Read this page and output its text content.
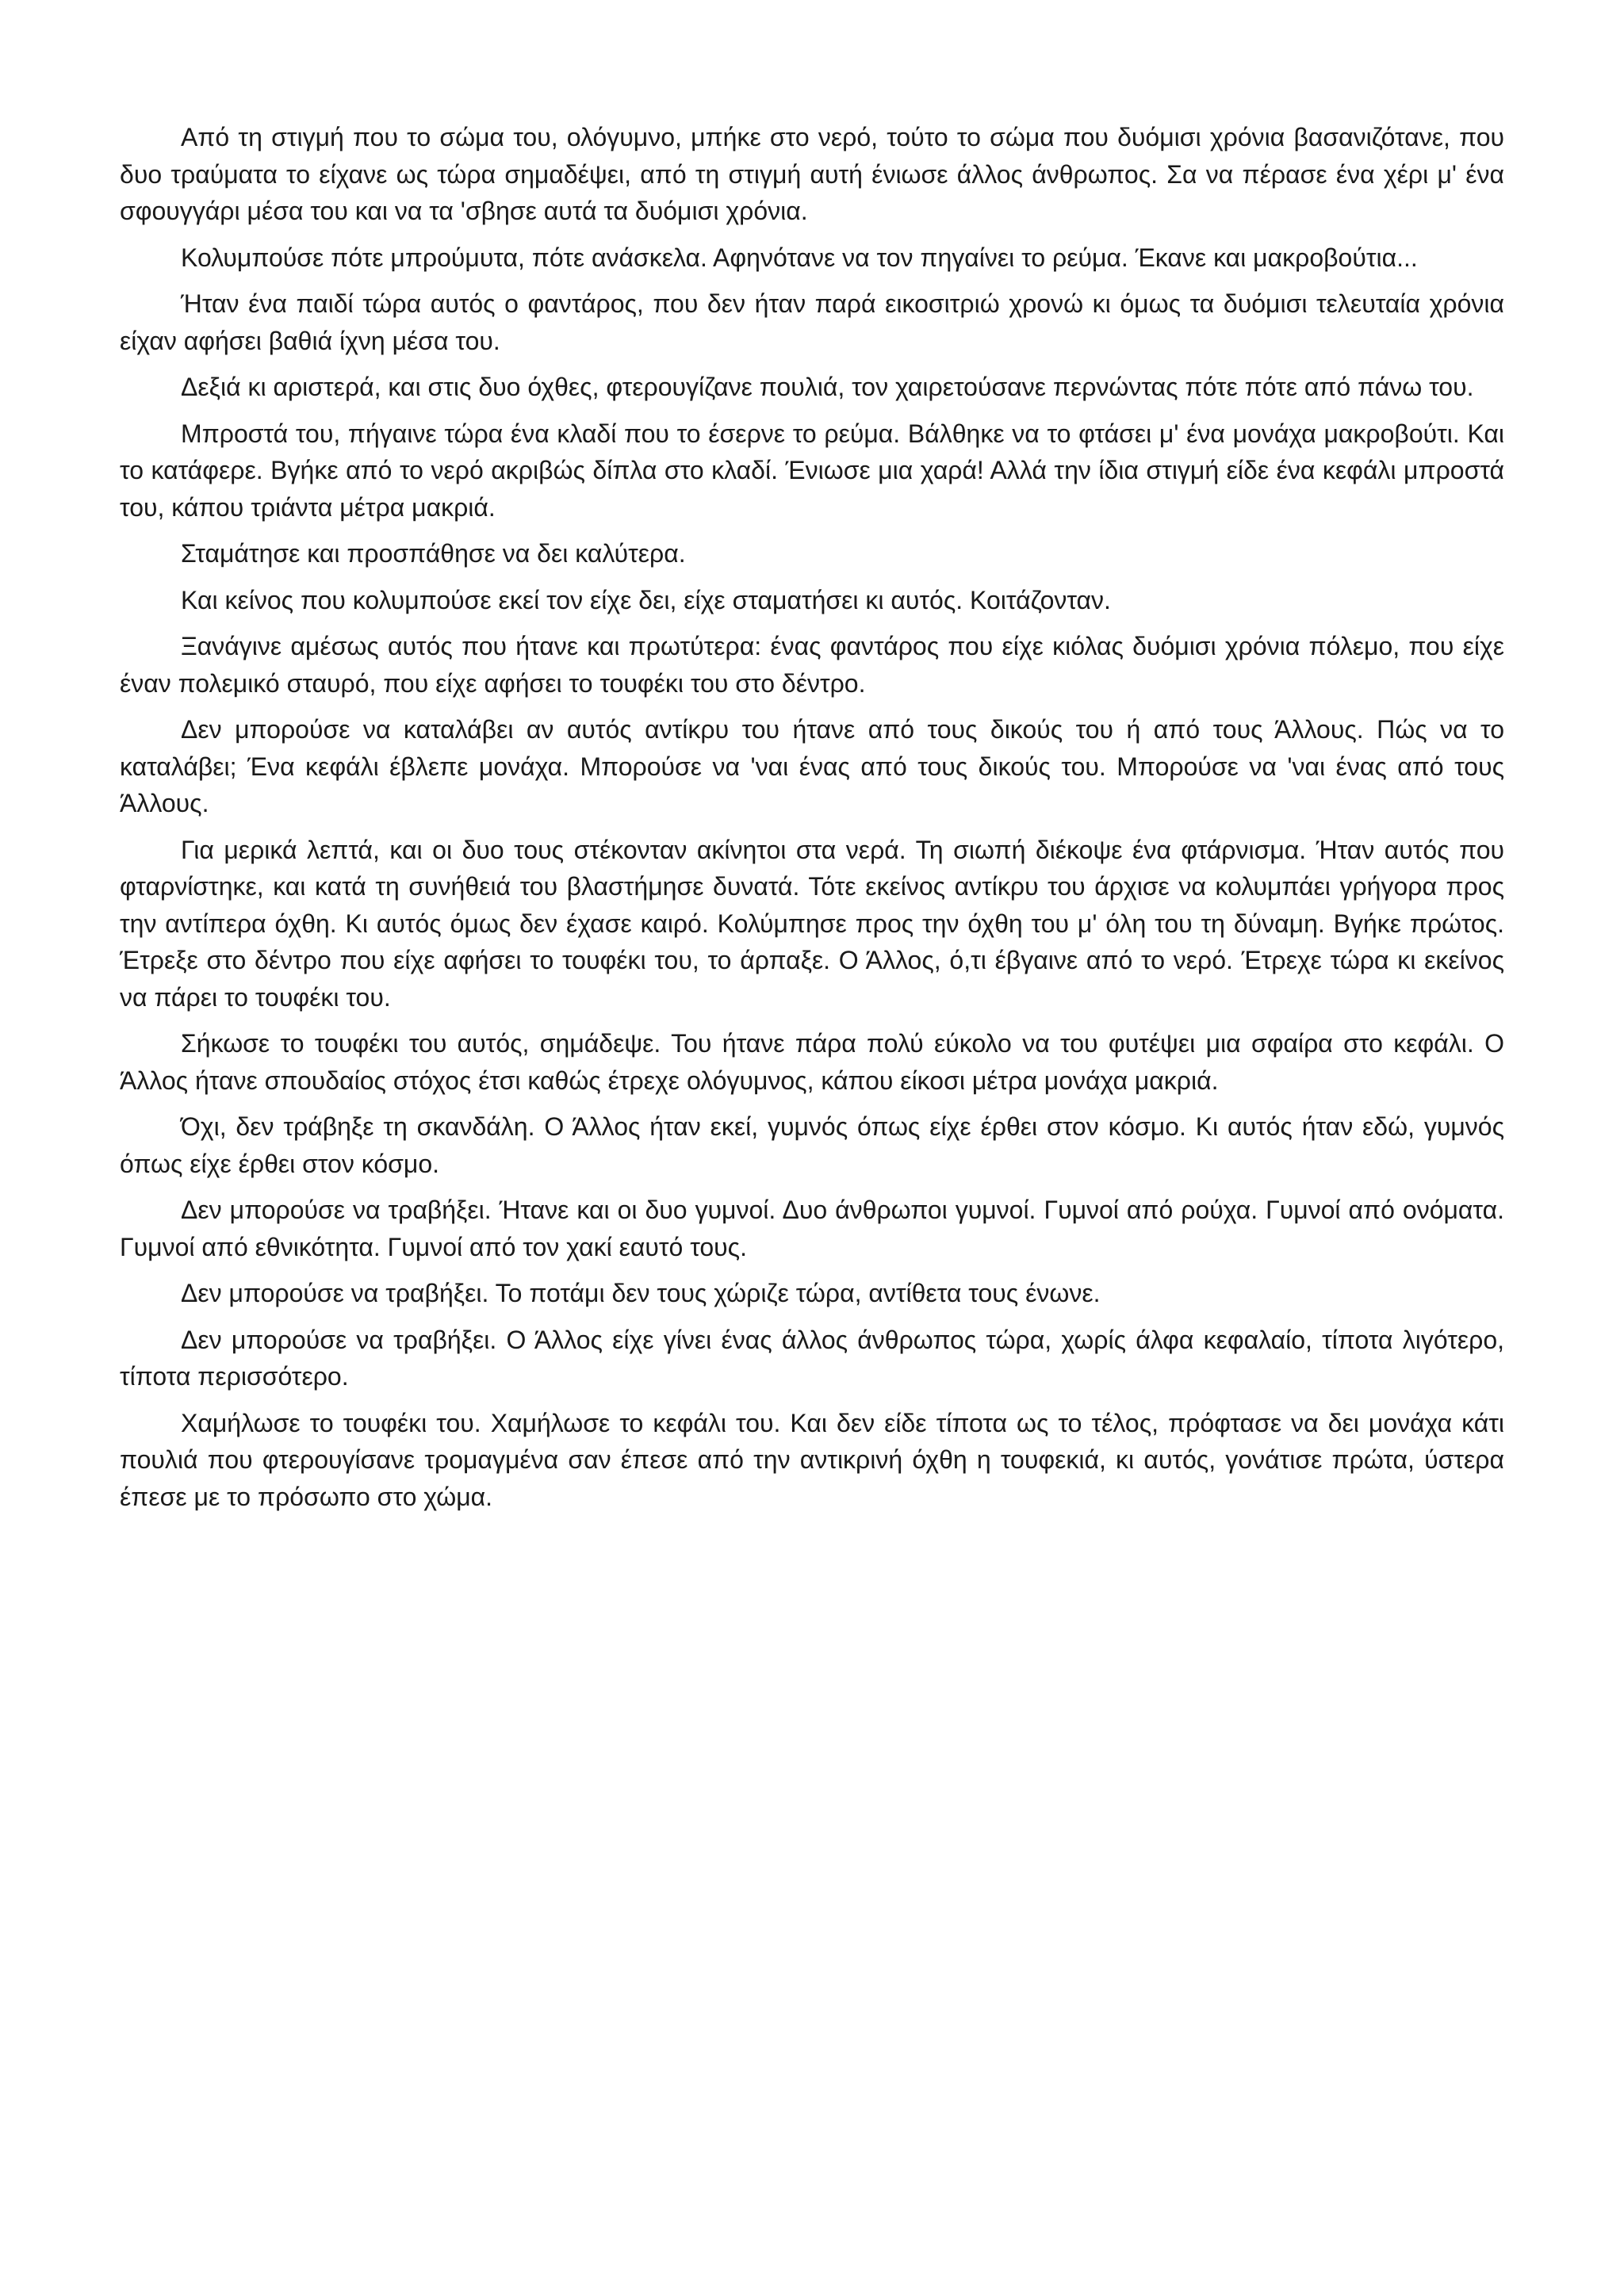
Από τη στιγμή που το σώμα του, ολόγυμνο, μπήκε στο νερό, τούτο το σώμα που δυόμισι χρόνια βασανιζότανε, που δυο τραύματα το είχανε ως τώρα σημαδέψει, από τη στιγμή αυτή ένιωσε άλλος άνθρωπος. Σα να πέρασε ένα χέρι μ' ένα σφουγγάρι μέσα του και να τα 'σβησε αυτά τα δυόμισι χρόνια.

Κολυμπούσε πότε μπρούμυτα, πότε ανάσκελα. Αφηνότανε να τον πηγαίνει το ρεύμα. Έκανε και μακροβούτια...

Ήταν ένα παιδί τώρα αυτός ο φαντάρος, που δεν ήταν παρά εικοσιτριώ χρονώ κι όμως τα δυόμισι τελευταία χρόνια είχαν αφήσει βαθιά ίχνη μέσα του.

Δεξιά κι αριστερά, και στις δυο όχθες, φτερουγίζανε πουλιά, τον χαιρετούσανε περνώντας πότε πότε από πάνω του.

Μπροστά του, πήγαινε τώρα ένα κλαδί που το έσερνε το ρεύμα. Βάλθηκε να το φτάσει μ' ένα μονάχα μακροβούτι. Και το κατάφερε. Βγήκε από το νερό ακριβώς δίπλα στο κλαδί. Ένιωσε μια χαρά! Αλλά την ίδια στιγμή είδε ένα κεφάλι μπροστά του, κάπου τριάντα μέτρα μακριά.

Σταμάτησε και προσπάθησε να δει καλύτερα.

Και κείνος που κολυμπούσε εκεί τον είχε δει, είχε σταματήσει κι αυτός. Κοιτάζονταν.

Ξανάγινε αμέσως αυτός που ήτανε και πρωτύτερα: ένας φαντάρος που είχε κιόλας δυόμισι χρόνια πόλεμο, που είχε έναν πολεμικό σταυρό, που είχε αφήσει το τουφέκι του στο δέντρο.

Δεν μπορούσε να καταλάβει αν αυτός αντίκρυ του ήτανε από τους δικούς του ή από τους Άλλους. Πώς να το καταλάβει; Ένα κεφάλι έβλεπε μονάχα. Μπορούσε να 'ναι ένας από τους δικούς του. Μπορούσε να 'ναι ένας από τους Άλλους.

Για μερικά λεπτά, και οι δυο τους στέκονταν ακίνητοι στα νερά. Τη σιωπή διέκοψε ένα φτάρνισμα. Ήταν αυτός που φταρνίστηκε, και κατά τη συνήθειά του βλαστήμησε δυνατά. Τότε εκείνος αντίκρυ του άρχισε να κολυμπάει γρήγορα προς την αντίπερα όχθη. Κι αυτός όμως δεν έχασε καιρό. Κολύμπησε προς την όχθη του μ' όλη του τη δύναμη. Βγήκε πρώτος. Έτρεξε στο δέντρο που είχε αφήσει το τουφέκι του, το άρπαξε. Ο Άλλος, ό,τι έβγαινε από το νερό. Έτρεχε τώρα κι εκείνος να πάρει το τουφέκι του.

Σήκωσε το τουφέκι του αυτός, σημάδεψε. Του ήτανε πάρα πολύ εύκολο να του φυτέψει μια σφαίρα στο κεφάλι. Ο Άλλος ήτανε σπουδαίος στόχος έτσι καθώς έτρεχε ολόγυμνος, κάπου είκοσι μέτρα μονάχα μακριά.

Όχι, δεν τράβηξε τη σκανδάλη. Ο Άλλος ήταν εκεί, γυμνός όπως είχε έρθει στον κόσμο. Κι αυτός ήταν εδώ, γυμνός όπως είχε έρθει στον κόσμο.

Δεν μπορούσε να τραβήξει. Ήτανε και οι δυο γυμνοί. Δυο άνθρωποι γυμνοί. Γυμνοί από ρούχα. Γυμνοί από ονόματα. Γυμνοί από εθνικότητα. Γυμνοί από τον χακί εαυτό τους.

Δεν μπορούσε να τραβήξει. Το ποτάμι δεν τους χώριζε τώρα, αντίθετα τους ένωνε.

Δεν μπορούσε να τραβήξει. Ο Άλλος είχε γίνει ένας άλλος άνθρωπος τώρα, χωρίς άλφα κεφαλαίο, τίποτα λιγότερο, τίποτα περισσότερο.

Χαμήλωσε το τουφέκι του. Χαμήλωσε το κεφάλι του. Και δεν είδε τίποτα ως το τέλος, πρόφτασε να δει μονάχα κάτι πουλιά που φτερουγίσανε τρομαγμένα σαν έπεσε από την αντικρινή όχθη η τουφεκιά, κι αυτός, γονάτισε πρώτα, ύστερα έπεσε με το πρόσωπο στο χώμα.
